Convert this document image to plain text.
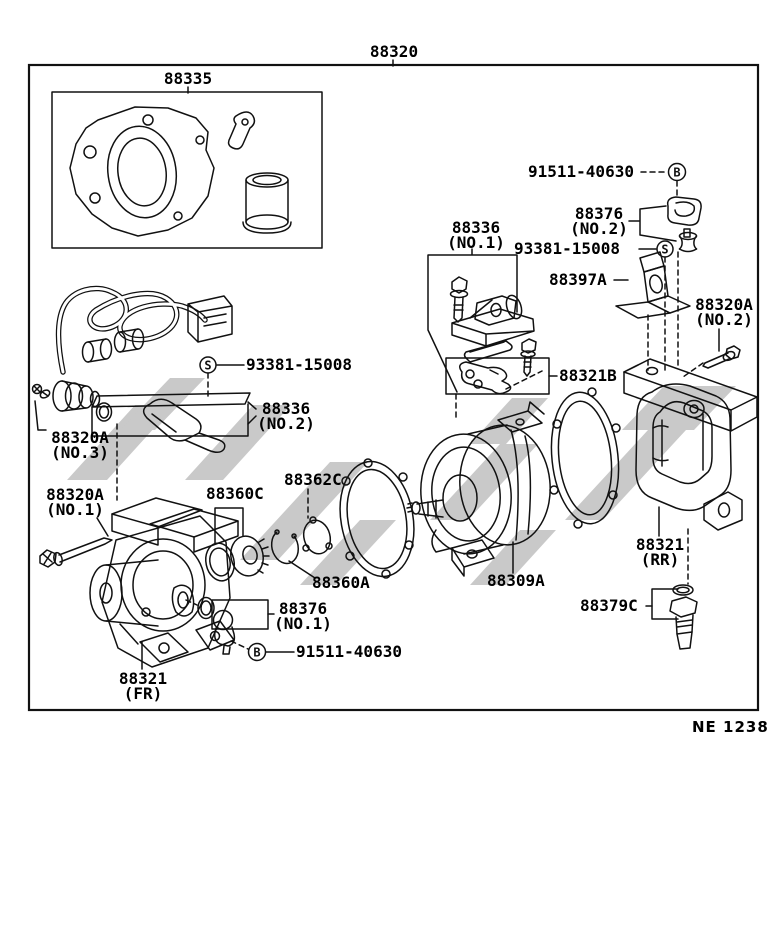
B
S
S
B
88320
88335
91511-40630
88376
(NO.2)
93381-15008
88336
(NO.1)
88397A
88320A
(NO.2)
88321B
93381-15008
88336
(NO.2)
88320A
(NO.3)
88320A
(NO.1)
88360C
88362C
88360A	88309A
88321
(RR)
88379C
88376
(NO.1)
91511-40630
88321
(FR)
NE 1238
